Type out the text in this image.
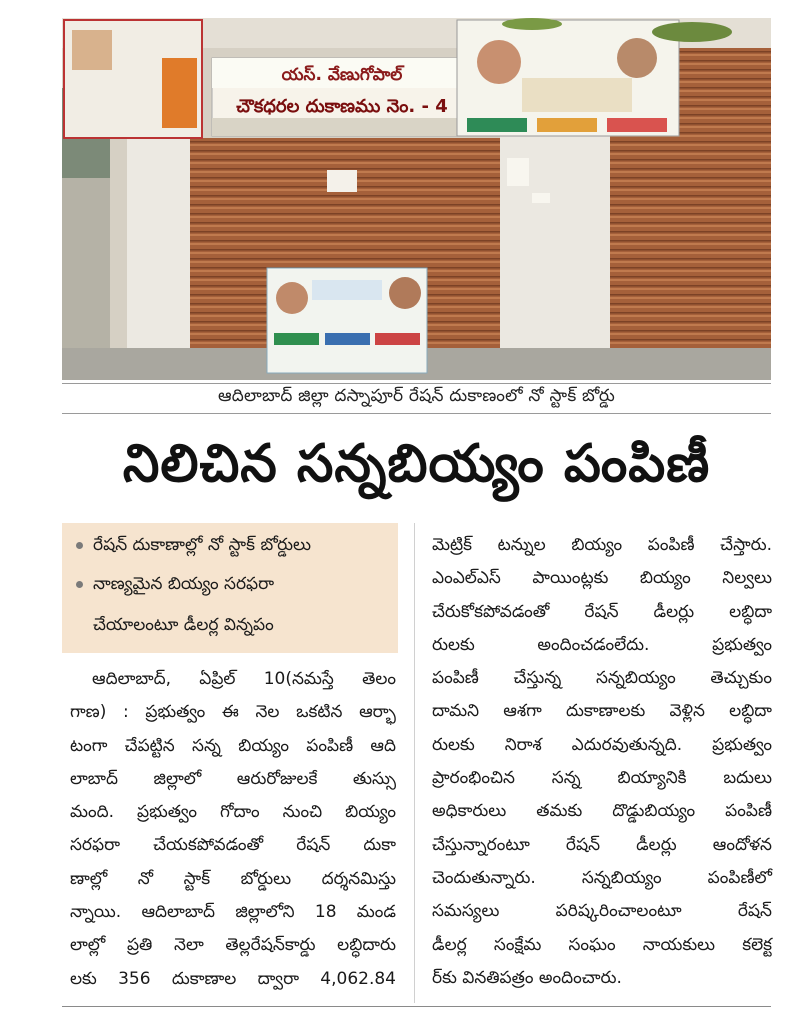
యస్. వేణుగోపాల్
చౌకధరల దుకాణము నెం. - 4
ఆదిలాబాద్ జిల్లా దస్నాపూర్ రేషన్ దుకాణంలో నో స్టాక్ బోర్డు
నిలిచిన సన్నబియ్యం పంపిణీ
రేషన్ దుకాణాల్లో నో స్టాక్ బోర్డులు
నాణ్యమైన బియ్యం సరఫరా
చేయాలంటూ డీలర్ల విన్నపం
ఆదిలాబాద్, ఏప్రిల్ 10(నమస్తే తెలం
గాణ) : ప్రభుత్వం ఈ నెల ఒకటిన ఆర్భా
టంగా చేపట్టిన సన్న బియ్యం పంపిణీ ఆది
లాబాద్ జిల్లాలో ఆరురోజులకే తుస్సు
మంది. ప్రభుత్వం గోదాం నుంచి బియ్యం
సరఫరా చేయకపోవడంతో రేషన్ దుకా
ణాల్లో నో స్టాక్ బోర్డులు దర్శనమిస్తు
న్నాయి. ఆదిలాబాద్ జిల్లాలోని 18 మండ
లాల్లో ప్రతి నెలా తెల్లరేషన్‌కార్డు లబ్ధిదారు
లకు 356 దుకాణాల ద్వారా 4,062.84
మెట్రిక్ టన్నుల బియ్యం పంపిణీ చేస్తారు.
ఎంఎల్ఎస్ పాయింట్లకు బియ్యం నిల్వలు
చేరుకోకపోవడంతో రేషన్ డీలర్లు లబ్ధిదా
రులకు అందించడంలేదు. ప్రభుత్వం
పంపిణీ చేస్తున్న సన్నబియ్యం తెచ్చుకుం
దామని ఆశగా దుకాణాలకు వెళ్లిన లబ్ధిదా
రులకు నిరాశ ఎదురవుతున్నది. ప్రభుత్వం
ప్రారంభించిన సన్న బియ్యానికి బదులు
అధికారులు తమకు దొడ్డుబియ్యం పంపిణీ
చేస్తున్నారంటూ రేషన్ డీలర్లు ఆందోళన
చెందుతున్నారు. సన్నబియ్యం పంపిణీలో
సమస్యలు పరిష్కరించాలంటూ రేషన్
డీలర్ల సంక్షేమ సంఘం నాయకులు కలెక్ట
ర్‌కు వినతిపత్రం అందించారు.
